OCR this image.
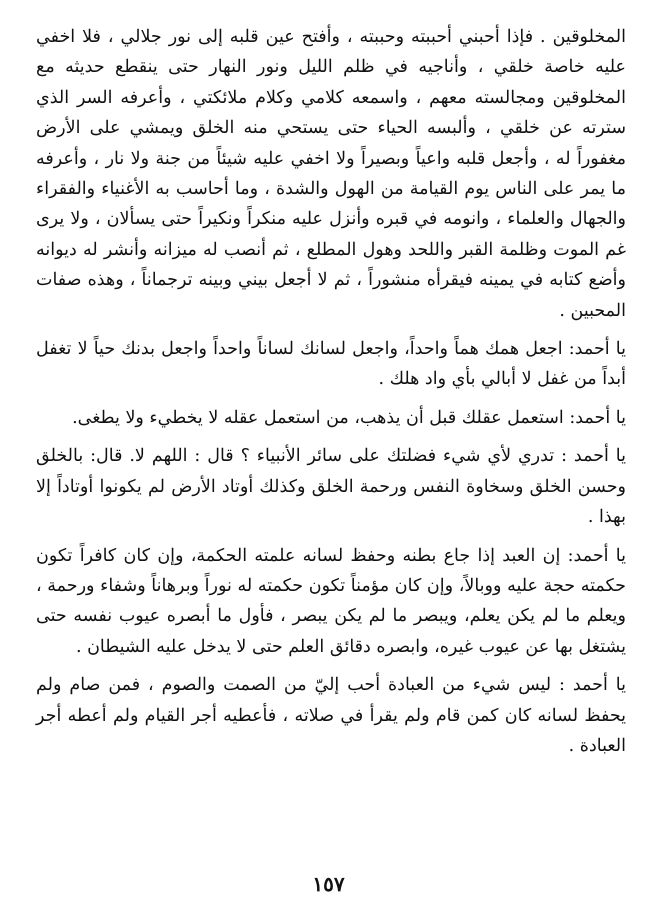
المخلوقين . فإذا أحبني أحببته وحببته ، وأفتح عين قلبه إلى نور جلالي ، فلا اخفي عليه خاصة خلقي ، وأناجيه في ظلم الليل ونور النهار حتى ينقطع حديثه مع المخلوقين ومجالسته معهم ، واسمعه كلامي وكلام ملائكتي ، وأعرفه السر الذي سترته عن خلقي ، وألبسه الحياء حتى يستحي منه الخلق ويمشي على الأرض مغفوراً له ، وأجعل قلبه واعياً وبصيراً ولا اخفي عليه شيئاً من جنة ولا نار ، وأعرفه ما يمر على الناس يوم القيامة من الهول والشدة ، وما أحاسب به الأغنياء والفقراء والجهال والعلماء ، وانومه في قبره وأنزل عليه منكراً ونكيراً حتى يسألان ، ولا يرى غم الموت وظلمة القبر واللحد وهول المطلع ، ثم أنصب له ميزانه وأنشر له ديوانه وأضع كتابه في يمينه فيقرأه منشوراً ، ثم لا أجعل بيني وبينه ترجماناً ، وهذه صفات المحبين .

يا أحمد: اجعل همك هماً واحداً، واجعل لسانك لساناً واحداً واجعل بدنك حياً لا تغفل أبداً من غفل لا أبالي بأي واد هلك .

يا أحمد: استعمل عقلك قبل أن يذهب، من استعمل عقله لا يخطيء ولا يطغى.

يا أحمد : تدري لأي شيء فضلتك على سائر الأنبياء ؟ قال : اللهم لا. قال: بالخلق وحسن الخلق وسخاوة النفس ورحمة الخلق وكذلك أوتاد الأرض لم يكونوا أوتاداً إلا بهذا .

يا أحمد: إن العبد إذا جاع بطنه وحفظ لسانه علمته الحكمة، وإن كان كافراً تكون حكمته حجة عليه ووبالاً، وإن كان مؤمناً تكون حكمته له نوراً وبرهاناً وشفاء ورحمة ، ويعلم ما لم يكن يعلم، ويبصر ما لم يكن يبصر ، فأول ما أبصره عيوب نفسه حتى يشتغل بها عن عيوب غيره، وابصره دقائق العلم حتى لا يدخل عليه الشيطان .

يا أحمد : ليس شيء من العبادة أحب إليّ من الصمت والصوم ، فمن صام ولم يحفظ لسانه كان كمن قام ولم يقرأ في صلاته ، فأعطيه أجر القيام ولم أعطه أجر العبادة .

١٥٧
